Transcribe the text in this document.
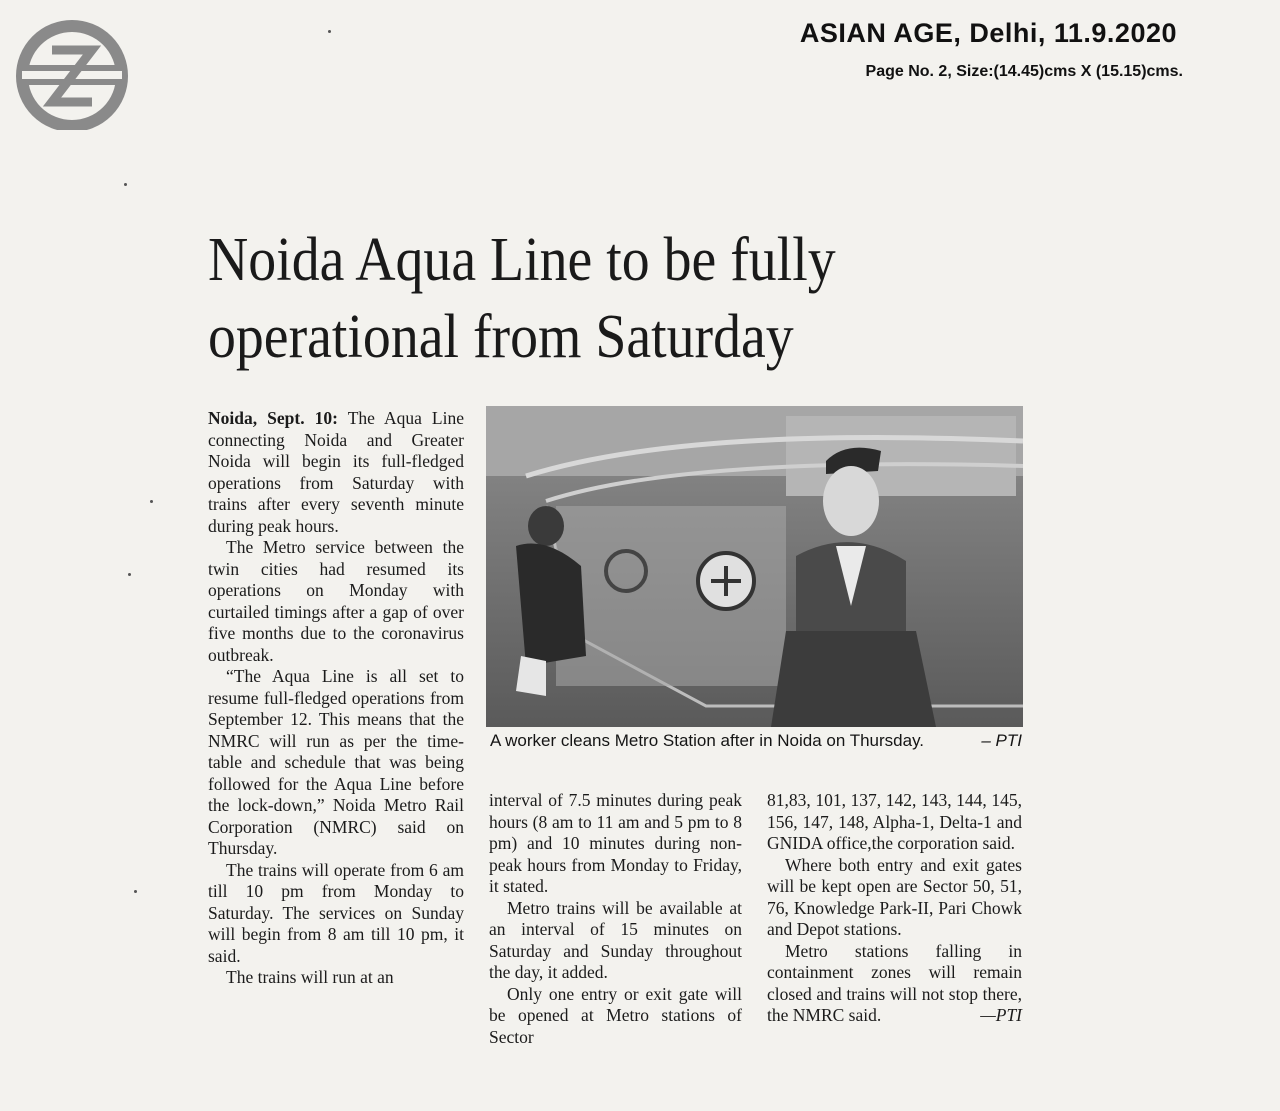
ASIAN AGE, Delhi, 11.9.2020
Page No. 2, Size:(14.45)cms X (15.15)cms.
Noida Aqua Line to be fully
operational from Saturday

Noida, Sept. 10: The Aqua Line connecting Noida and Greater Noida will begin its full-fledged operations from Saturday with trains after every seventh minute during peak hours.

The Metro service between the twin cities had resumed its operations on Monday with curtailed timings after a gap of over five months due to the coronavirus outbreak.

“The Aqua Line is all set to resume full-fledged operations from September 12. This means that the NMRC will run as per the time-table and schedule that was being followed for the Aqua Line before the lock-down,” Noida Metro Rail Corporation (NMRC) said on Thursday.

The trains will operate from 6 am till 10 pm from Monday to Saturday. The services on Sunday will begin from 8 am till 10 pm, it said.

The trains will run at an

A worker cleans Metro Station after in Noida on Thursday.	– PTI

interval of 7.5 minutes during peak hours (8 am to 11 am and 5 pm to 8 pm) and 10 minutes during non-peak hours from Monday to Friday, it stated.

Metro trains will be available at an interval of 15 minutes on Saturday and Sunday throughout the day, it added.

Only one entry or exit gate will be opened at Metro stations of Sector

81,83, 101, 137, 142, 143, 144, 145, 156, 147, 148, Alpha-1, Delta-1 and GNIDA office,the corporation said.

Where both entry and exit gates will be kept open are Sector 50, 51, 76, Knowledge Park-II, Pari Chowk and Depot stations.

Metro stations falling in containment zones will remain closed and trains will not stop there, the NMRC said.	—PTI
